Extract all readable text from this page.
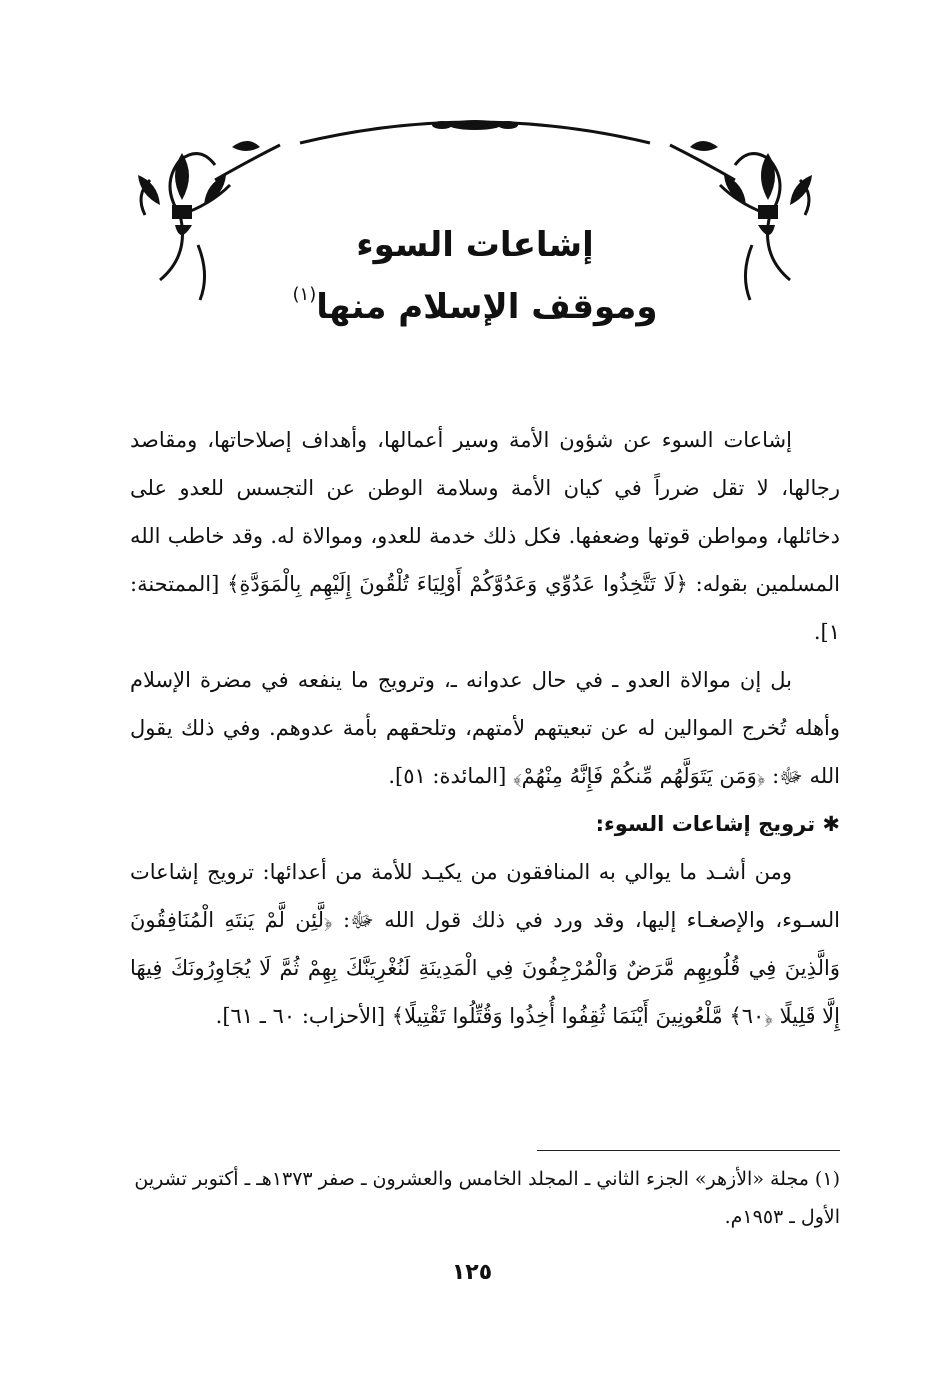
إشاعات السوء
وموقف الإسلام منها$^{(١)}$

إشاعات السوء عن شؤون الأمة وسير أعمالها، وأهداف إصلاحاتها، ومقاصد رجالها، لا تقل ضرراً في كيان الأمة وسلامة الوطن عن التجسس للعدو على دخائلها، ومواطن قوتها وضعفها. فكل ذلك خدمة للعدو، وموالاة له. وقد خاطب الله المسلمين بقوله: ﴿لَا تَتَّخِذُوا عَدُوِّي وَعَدُوَّكُمْ أَوْلِيَاءَ تُلْقُونَ إِلَيْهِم بِالْمَوَدَّةِ﴾ [الممتحنة: ١].

بل إن موالاة العدو ـ في حال عدوانه ـ، وترويج ما ينفعه في مضرة الإسلام وأهله تُخرج الموالين له عن تبعيتهم لأمتهم، وتلحقهم بأمة عدوهم. وفي ذلك يقول الله ﷻ: ﴿وَمَن يَتَوَلَّهُم مِّنكُمْ فَإِنَّهُ مِنْهُمْ﴾ [المائدة: ٥١].

✱ ترويج إشاعات السوء:

ومن أشـد ما يوالي به المنافقون من يكيـد للأمة من أعدائها: ترويج إشاعات السـوء، والإصغـاء إليها، وقد ورد في ذلك قول الله ﷻ: ﴿لَّئِن لَّمْ يَنتَهِ الْمُنَافِقُونَ وَالَّذِينَ فِي قُلُوبِهِم مَّرَضٌ وَالْمُرْجِفُونَ فِي الْمَدِينَةِ لَنُغْرِيَنَّكَ بِهِمْ ثُمَّ لَا يُجَاوِرُونَكَ فِيهَا إِلَّا قَلِيلًا ﴿٦٠﴾ مَّلْعُونِينَ أَيْنَمَا ثُقِفُوا أُخِذُوا وَقُتِّلُوا تَقْتِيلًا﴾ [الأحزاب: ٦٠ ـ ٦١].

(١) مجلة «الأزهر» الجزء الثاني ـ المجلد الخامس والعشرون ـ صفر ١٣٧٣هـ ـ أكتوبر تشرين الأول ـ ١٩٥٣م.
١٢٥
